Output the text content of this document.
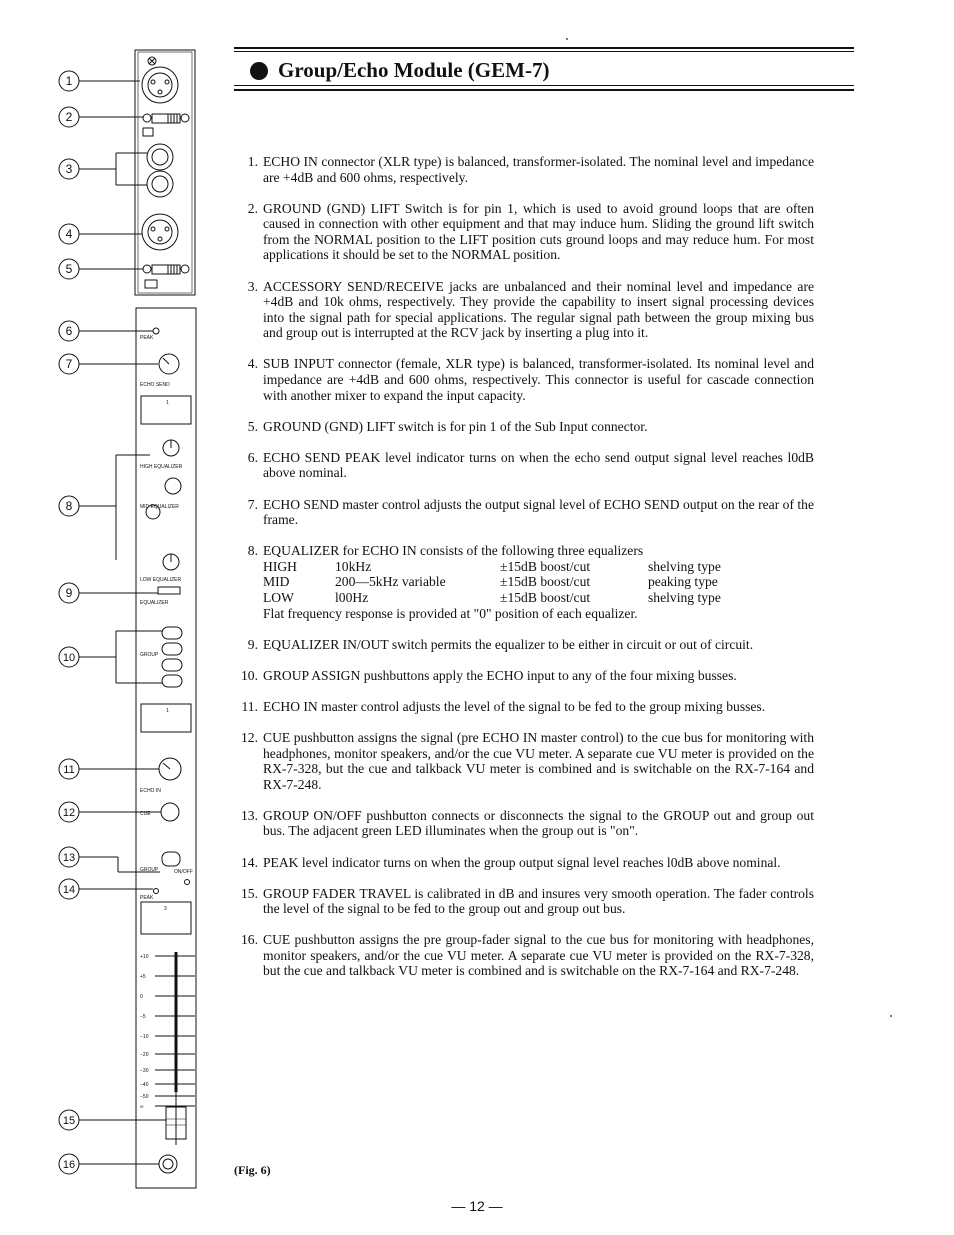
1
2
3
4
5
6
7
8
9
10
11
12
13
14
15
16
PEAK
ECHO SEND
1
HIGH EQUALIZER
MID EQUALIZER
LOW EQUALIZER
EQUALIZER
GROUP
1
ECHO IN
CUE
GROUP	ON/OFF
PEAK
3
+10
+5
0
−5
−10
−20
−30
−40
−50
∞
Group/Echo Module (GEM-7)
1. ECHO IN connector (XLR type) is balanced, transformer-isolated. The nominal level and impedance are +4dB and 600 ohms, respectively.
2. GROUND (GND) LIFT Switch is for pin 1, which is used to avoid ground loops that are often caused in connection with other equipment and that may induce hum. Sliding the ground lift switch from the NORMAL position to the LIFT position cuts ground loops and may reduce hum. For most applications it should be set to the NORMAL position.
3. ACCESSORY SEND/RECEIVE jacks are unbalanced and their nominal level and impedance are +4dB and 10k ohms, respectively. They provide the capability to insert signal processing devices into the signal path for special applications. The regular signal path between the group mixing bus and group out is interrupted at the RCV jack by inserting a plug into it.
4. SUB INPUT connector (female, XLR type) is balanced, transformer-isolated. Its nominal level and impedance are +4dB and 600 ohms, respectively. This connector is useful for cascade connection with another mixer to expand the input capacity.
5. GROUND (GND) LIFT switch is for pin 1 of the Sub Input connector.
6. ECHO SEND PEAK level indicator turns on when the echo send output signal level reaches l0dB above nominal.
7. ECHO SEND master control adjusts the output signal level of ECHO SEND output on the rear of the frame.
8. EQUALIZER for ECHO IN consists of the following three equalizers
HIGH	10kHz	±15dB boost/cut	shelving type
MID	200—5kHz variable	±15dB boost/cut	peaking type
LOW	l00Hz	±15dB boost/cut	shelving type
Flat frequency response is provided at "0" position of each equalizer.
9. EQUALIZER IN/OUT switch permits the equalizer to be either in circuit or out of circuit.
10. GROUP ASSIGN pushbuttons apply the ECHO input to any of the four mixing busses.
11. ECHO IN master control adjusts the level of the signal to be fed to the group mixing busses.
12. CUE pushbutton assigns the signal (pre ECHO IN master control) to the cue bus for monitoring with headphones, monitor speakers, and/or the cue VU meter. A separate cue VU meter is provided on the RX-7-328, but the cue and talkback VU meter is combined and is switchable on the RX-7-164 and RX-7-248.
13. GROUP ON/OFF pushbutton connects or disconnects the signal to the GROUP out and group out bus. The adjacent green LED illuminates when the group out is "on".
14. PEAK level indicator turns on when the group output signal level reaches l0dB above nominal.
15. GROUP FADER TRAVEL is calibrated in dB and insures very smooth operation. The fader controls the level of the signal to be fed to the group out and group out bus.
16. CUE pushbutton assigns the pre group-fader signal to the cue bus for monitoring with headphones, monitor speakers, and/or the cue VU meter. A separate cue VU meter is provided on the RX-7-328, but the cue and talkback VU meter is combined and is switchable on the RX-7-164 and RX-7-248.
(Fig. 6)
— 12 —
